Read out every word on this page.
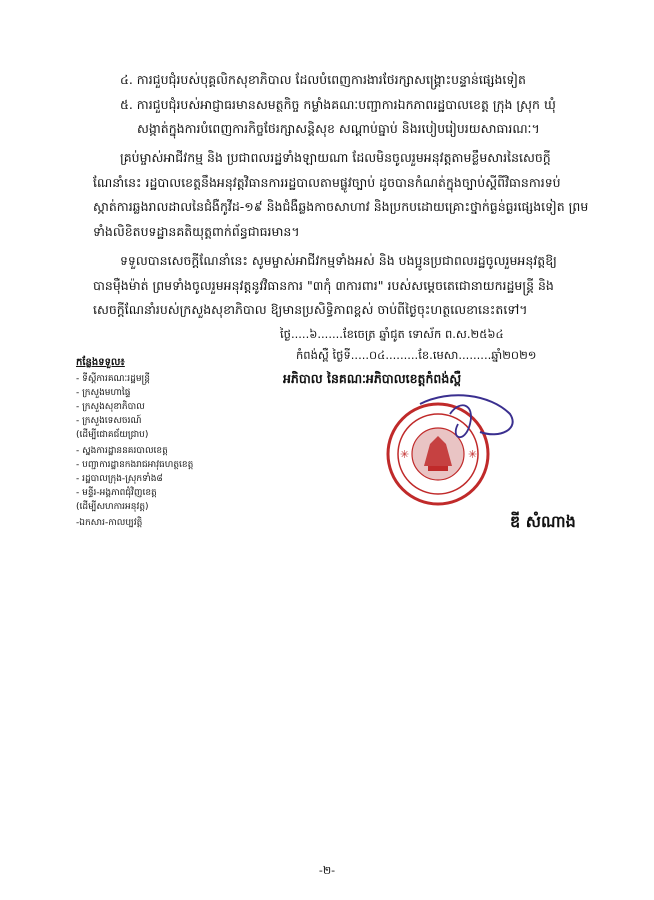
៤. ការជួបជុំរបស់បុគ្គលិកសុខាភិបាល ដែលបំពេញការងារថែរក្សាសង្គ្រោះបន្ទាន់ផ្សេងទៀត
៥. ការជួបជុំរបស់អាជ្ញាធរមានសមត្ថកិច្ច កម្លាំងគណៈបញ្ជាការឯកភាពរដ្ឋបាលខេត្ត ក្រុង ស្រុក ឃុំ
សង្កាត់ក្នុងការបំពេញការកិច្ចថែរក្សាសន្តិសុខ សណ្តាប់ធ្នាប់ និងរបៀបរៀបរយសាធារណៈ។
គ្រប់ម្ចាស់អាជីវកម្ម និង ប្រជាពលរដ្ឋទាំងឡាយណា ដែលមិនចូលរួមអនុវត្តតាមខ្លឹមសារនៃសេចក្តី
ណែនាំនេះ រដ្ឋបាលខេត្តនឹងអនុវត្តវិធានការរដ្ឋបាលតាមផ្លូវច្បាប់ ដូចបានកំណត់ក្នុងច្បាប់ស្តីពីវិធានការទប់
ស្កាត់ការឆ្លងរាលដាលនៃជំងឺកូវីដ-១៩ និងជំងឺឆ្លងកាចសាហាវ និងប្រកបដោយគ្រោះថ្នាក់ធ្ងន់ធ្ងរផ្សេងទៀត ព្រម
ទាំងលិខិតបទដ្ឋានគតិយុត្តពាក់ព័ន្ធជាធរមាន។
ទទួលបានសេចក្តីណែនាំនេះ សូមម្ចាស់អាជីវកម្មទាំងអស់ និង បងប្អូនប្រជាពលរដ្ឋចូលរួមអនុវត្តឱ្យ
បានម៉ឺងម៉ាត់ ព្រមទាំងចូលរួមអនុវត្តនូវវិធានការ "៣កុំ ៣ការពារ" របស់សម្តេចតេជោនាយករដ្ឋមន្ត្រី និង
សេចក្តីណែនាំរបស់ក្រសួងសុខាភិបាល ឱ្យមានប្រសិទ្ធិភាពខ្ពស់ ចាប់ពីថ្ងៃចុះហត្ថលេខានេះតទៅ។
ថ្ងៃ.....៦.......ខែចេត្រ ឆ្នាំជូត ទោស័ក ព.ស.២៥៦៤
កំពង់ស្ពឺ ថ្ងៃទី.....០៤.........ខែ.មេសា.........ឆ្នាំ២០២១
អភិបាល នៃគណៈអភិបាលខេត្តកំពង់ស្ពឺ
✳	✳
ឌី សំណាង
កន្លែងទទួល៖
- ទីស្តីការគណៈរដ្ឋមន្ត្រី
- ក្រសួងមហាផ្ទៃ
- ក្រសួងសុខាភិបាល
- ក្រសួងទេសចរណ៍
(ដើម្បីជោគជ័យជ្រាប)
- ស្នងការដ្ឋាននគរបាលខេត្ត
- បញ្ជាការដ្ឋានកងរាជអាវុធហត្ថខេត្ត
- រដ្ឋបាលក្រុង-ស្រុកទាំង៨
- មន្ទីរ-អង្គភាពជុំវិញខេត្ត
(ដើម្បីសហការអនុវត្ត)
-ឯកសារ-កាលប្បវត្តិ
-២-
